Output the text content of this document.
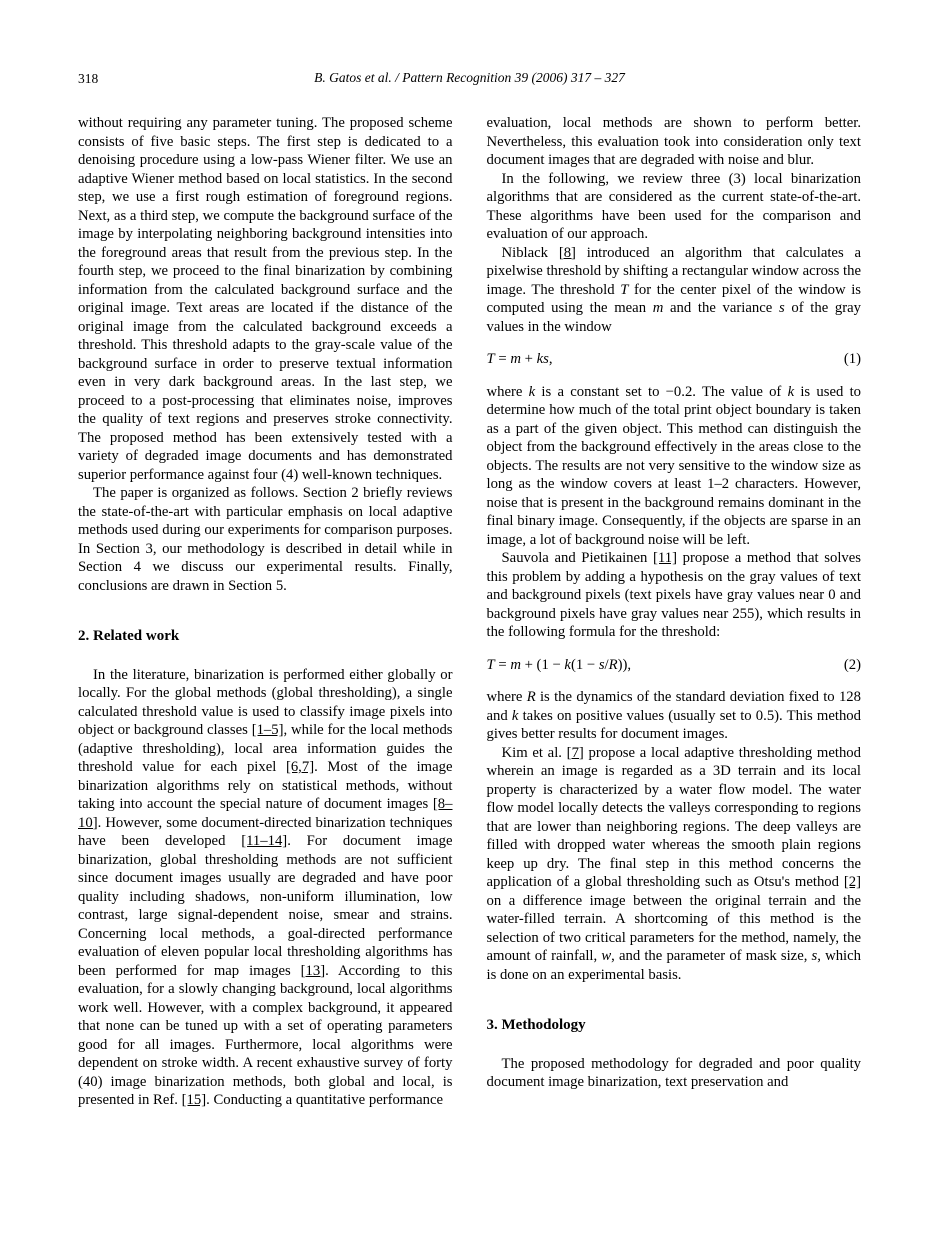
318	B. Gatos et al. / Pattern Recognition 39 (2006) 317 – 327

without requiring any parameter tuning. The proposed scheme consists of five basic steps. The first step is dedicated to a denoising procedure using a low-pass Wiener filter. We use an adaptive Wiener method based on local statistics. In the second step, we use a first rough estimation of foreground regions. Next, as a third step, we compute the background surface of the image by interpolating neighboring background intensities into the foreground areas that result from the previous step. In the fourth step, we proceed to the final binarization by combining information from the calculated background surface and the original image. Text areas are located if the distance of the original image from the calculated background exceeds a threshold. This threshold adapts to the gray-scale value of the background surface in order to preserve textual information even in very dark background areas. In the last step, we proceed to a post-processing that eliminates noise, improves the quality of text regions and preserves stroke connectivity. The proposed method has been extensively tested with a variety of degraded image documents and has demonstrated superior performance against four (4) well-known techniques.

The paper is organized as follows. Section 2 briefly reviews the state-of-the-art with particular emphasis on local adaptive methods used during our experiments for comparison purposes. In Section 3, our methodology is described in detail while in Section 4 we discuss our experimental results. Finally, conclusions are drawn in Section 5.

2. Related work

In the literature, binarization is performed either globally or locally. For the global methods (global thresholding), a single calculated threshold value is used to classify image pixels into object or background classes [1–5], while for the local methods (adaptive thresholding), local area information guides the threshold value for each pixel [6,7]. Most of the image binarization algorithms rely on statistical methods, without taking into account the special nature of document images [8–10]. However, some document-directed binarization techniques have been developed [11–14]. For document image binarization, global thresholding methods are not sufficient since document images usually are degraded and have poor quality including shadows, non-uniform illumination, low contrast, large signal-dependent noise, smear and strains. Concerning local methods, a goal-directed performance evaluation of eleven popular local thresholding algorithms has been performed for map images [13]. According to this evaluation, for a slowly changing background, local algorithms work well. However, with a complex background, it appeared that none can be tuned up with a set of operating parameters good for all images. Furthermore, local algorithms were dependent on stroke width. A recent exhaustive survey of forty (40) image binarization methods, both global and local, is presented in Ref. [15]. Conducting a quantitative performance

evaluation, local methods are shown to perform better. Nevertheless, this evaluation took into consideration only text document images that are degraded with noise and blur.

In the following, we review three (3) local binarization algorithms that are considered as the current state-of-the-art. These algorithms have been used for the comparison and evaluation of our approach.

Niblack [8] introduced an algorithm that calculates a pixelwise threshold by shifting a rectangular window across the image. The threshold T for the center pixel of the window is computed using the mean m and the variance s of the gray values in the window

T = m + ks,	(1)

where k is a constant set to −0.2. The value of k is used to determine how much of the total print object boundary is taken as a part of the given object. This method can distinguish the object from the background effectively in the areas close to the objects. The results are not very sensitive to the window size as long as the window covers at least 1–2 characters. However, noise that is present in the background remains dominant in the final binary image. Consequently, if the objects are sparse in an image, a lot of background noise will be left.

Sauvola and Pietikainen [11] propose a method that solves this problem by adding a hypothesis on the gray values of text and background pixels (text pixels have gray values near 0 and background pixels have gray values near 255), which results in the following formula for the threshold:

T = m + (1 − k(1 − s/R)),	(2)

where R is the dynamics of the standard deviation fixed to 128 and k takes on positive values (usually set to 0.5). This method gives better results for document images.

Kim et al. [7] propose a local adaptive thresholding method wherein an image is regarded as a 3D terrain and its local property is characterized by a water flow model. The water flow model locally detects the valleys corresponding to regions that are lower than neighboring regions. The deep valleys are filled with dropped water whereas the smooth plain regions keep up dry. The final step in this method concerns the application of a global thresholding such as Otsu's method [2] on a difference image between the original terrain and the water-filled terrain. A shortcoming of this method is the selection of two critical parameters for the method, namely, the amount of rainfall, w, and the parameter of mask size, s, which is done on an experimental basis.

3. Methodology

The proposed methodology for degraded and poor quality document image binarization, text preservation and
